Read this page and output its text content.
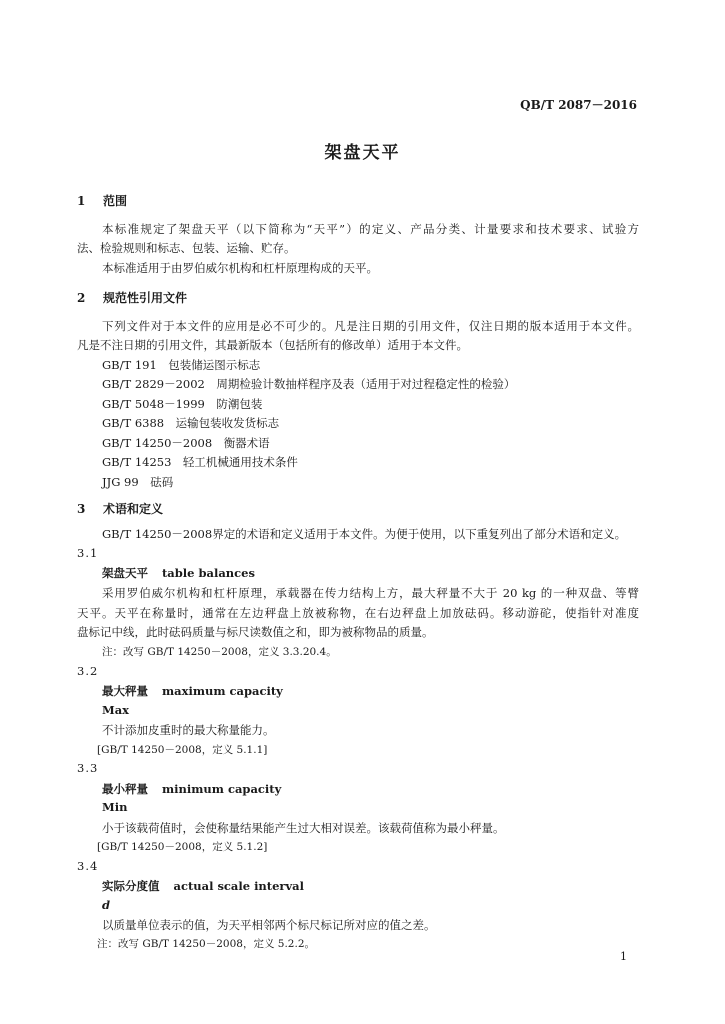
QB/T 2087－2016
架盘天平
1 范围
本标准规定了架盘天平（以下简称为“天平”）的定义、产品分类、计量要求和技术要求、试验方
法、检验规则和标志、包装、运输、贮存。
本标准适用于由罗伯威尔机构和杠杆原理构成的天平。
2 规范性引用文件
下列文件对于本文件的应用是必不可少的。凡是注日期的引用文件，仅注日期的版本适用于本文件。
凡是不注日期的引用文件，其最新版本（包括所有的修改单）适用于本文件。
GB/T 191　包装储运图示标志
GB/T 2829－2002　周期检验计数抽样程序及表（适用于对过程稳定性的检验）
GB/T 5048－1999　防潮包装
GB/T 6388　运输包装收发货标志
GB/T 14250－2008　衡器术语
GB/T 14253　轻工机械通用技术条件
JJG 99　砝码
3 术语和定义
GB/T 14250－2008界定的术语和定义适用于本文件。为便于使用，以下重复列出了部分术语和定义。
3.1
架盘天平 table balances
采用罗伯威尔机构和杠杆原理，承载器在传力结构上方，最大秤量不大于 20 kg 的一种双盘、等臂
天平。天平在称量时，通常在左边秤盘上放被称物，在右边秤盘上加放砝码。移动游砣，使指针对准度
盘标记中线，此时砝码质量与标尺读数值之和，即为被称物品的质量。
注：改写 GB/T 14250－2008，定义 3.3.20.4。
3.2
最大秤量 maximum capacity
Max
不计添加皮重时的最大称量能力。
[GB/T 14250－2008，定义 5.1.1]
3.3
最小秤量 minimum capacity
Min
小于该载荷值时，会使称量结果能产生过大相对误差。该载荷值称为最小秤量。
[GB/T 14250－2008，定义 5.1.2]
3.4
实际分度值 actual scale interval
d
以质量单位表示的值，为天平相邻两个标尺标记所对应的值之差。
注：改写 GB/T 14250－2008，定义 5.2.2。
1
